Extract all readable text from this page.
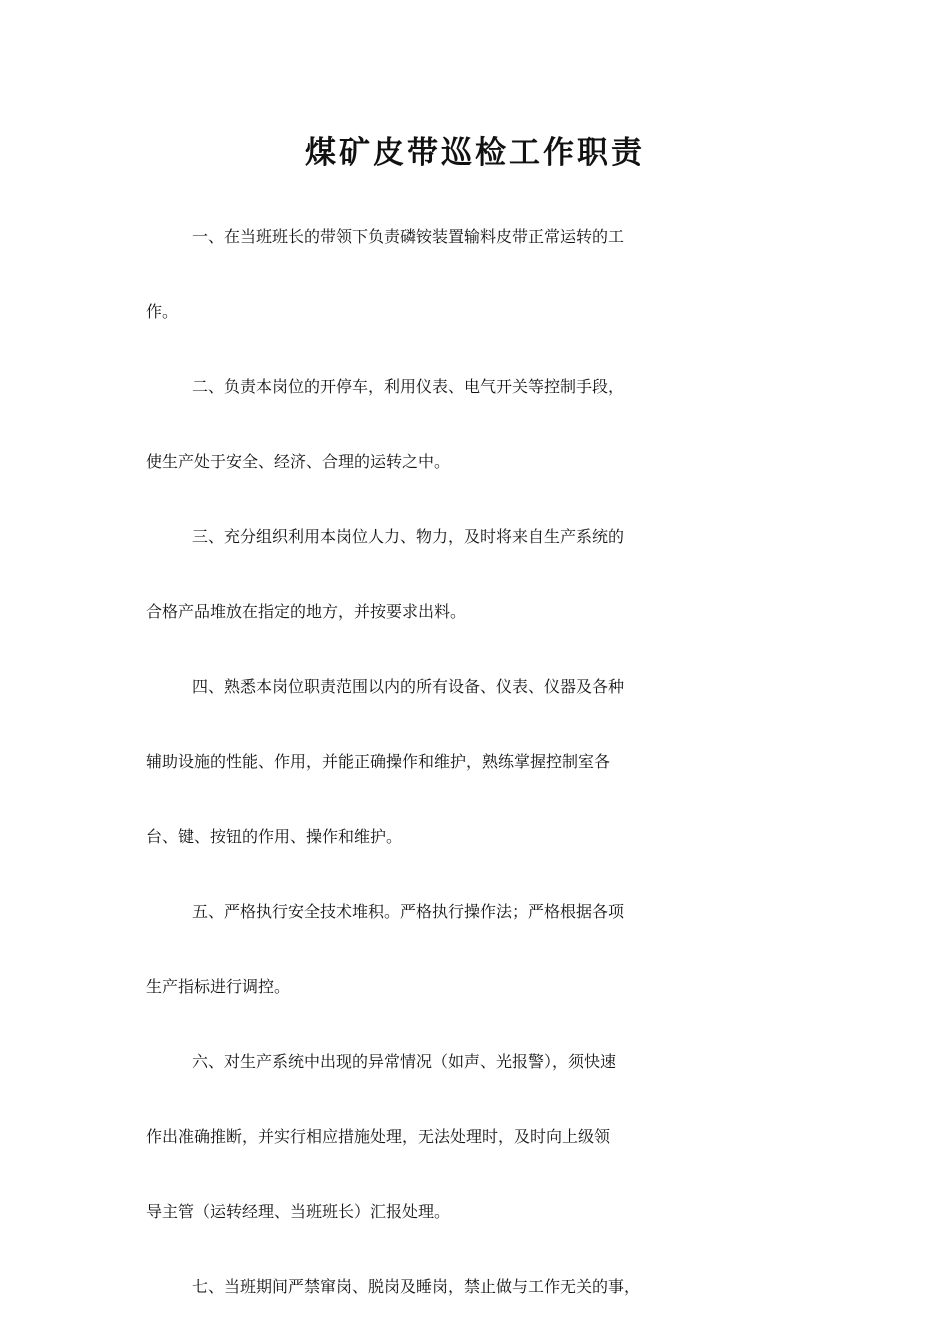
煤矿皮带巡检工作职责
一、在当班班长的带领下负责磷铵装置输料皮带正常运转的工
作。
二、负责本岗位的开停车，利用仪表、电气开关等控制手段，
使生产处于安全、经济、合理的运转之中。
三、充分组织利用本岗位人力、物力，及时将来自生产系统的
合格产品堆放在指定的地方，并按要求出料。
四、熟悉本岗位职责范围以内的所有设备、仪表、仪器及各种
辅助设施的性能、作用，并能正确操作和维护，熟练掌握控制室各
台、键、按钮的作用、操作和维护。
五、严格执行安全技术堆积。严格执行操作法；严格根据各项
生产指标进行调控。
六、对生产系统中出现的异常情况（如声、光报警），须快速
作出准确推断，并实行相应措施处理，无法处理时，及时向上级领
导主管（运转经理、当班班长）汇报处理。
七、当班期间严禁窜岗、脱岗及睡岗，禁止做与工作无关的事，
